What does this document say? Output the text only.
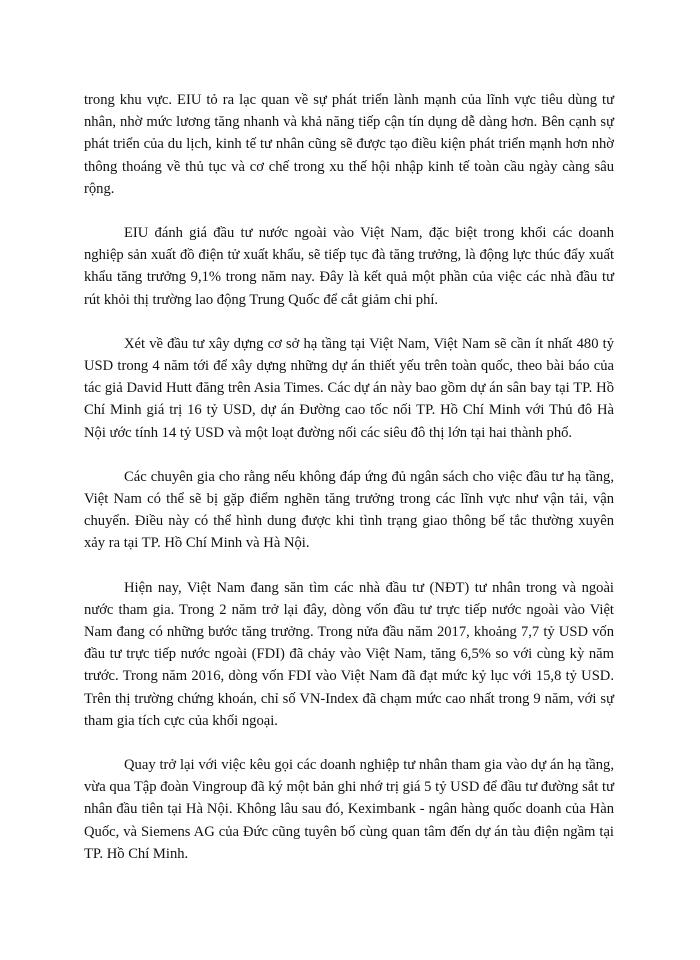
trong khu vực. EIU tỏ ra lạc quan về sự phát triển lành mạnh của lĩnh vực tiêu dùng tư nhân, nhờ mức lương tăng nhanh và khả năng tiếp cận tín dụng dễ dàng hơn. Bên cạnh sự phát triển của du lịch, kinh tế tư nhân cũng sẽ được tạo điều kiện phát triển mạnh hơn nhờ thông thoáng về thủ tục và cơ chế trong xu thế hội nhập kinh tế toàn cầu ngày càng sâu rộng.

EIU đánh giá đầu tư nước ngoài vào Việt Nam, đặc biệt trong khối các doanh nghiệp sản xuất đồ điện tử xuất khẩu, sẽ tiếp tục đà tăng trưởng, là động lực thúc đẩy xuất khẩu tăng trưởng 9,1% trong năm nay. Đây là kết quả một phần của việc các nhà đầu tư rút khỏi thị trường lao động Trung Quốc để cắt giảm chi phí.

Xét về đầu tư xây dựng cơ sở hạ tầng tại Việt Nam, Việt Nam sẽ cần ít nhất 480 tỷ USD trong 4 năm tới để xây dựng những dự án thiết yếu trên toàn quốc, theo bài báo của tác giả David Hutt đăng trên Asia Times. Các dự án này bao gồm dự án sân bay tại TP. Hồ Chí Minh giá trị 16 tỷ USD, dự án Đường cao tốc nối TP. Hồ Chí Minh với Thủ đô Hà Nội ước tính 14 tỷ USD và một loạt đường nối các siêu đô thị lớn tại hai thành phố.

Các chuyên gia cho rằng nếu không đáp ứng đủ ngân sách cho việc đầu tư hạ tầng, Việt Nam có thể sẽ bị gặp điểm nghẽn tăng trưởng trong các lĩnh vực như vận tải, vận chuyển. Điều này có thể hình dung được khi tình trạng giao thông bế tắc thường xuyên xảy ra tại TP. Hồ Chí Minh và Hà Nội.

Hiện nay, Việt Nam đang săn tìm các nhà đầu tư (NĐT) tư nhân trong và ngoài nước tham gia. Trong 2 năm trở lại đây, dòng vốn đầu tư trực tiếp nước ngoài vào Việt Nam đang có những bước tăng trưởng. Trong nửa đầu năm 2017, khoảng 7,7 tỷ USD vốn đầu tư trực tiếp nước ngoài (FDI) đã chảy vào Việt Nam, tăng 6,5% so với cùng kỳ năm trước. Trong năm 2016, dòng vốn FDI vào Việt Nam đã đạt mức kỷ lục với 15,8 tỷ USD. Trên thị trường chứng khoán, chỉ số VN-Index đã chạm mức cao nhất trong 9 năm, với sự tham gia tích cực của khối ngoại.

Quay trở lại với việc kêu gọi các doanh nghiệp tư nhân tham gia vào dự án hạ tầng, vừa qua Tập đoàn Vingroup đã ký một bản ghi nhớ trị giá 5 tỷ USD để đầu tư đường sắt tư nhân đầu tiên tại Hà Nội. Không lâu sau đó, Keximbank - ngân hàng quốc doanh của Hàn Quốc, và Siemens AG của Đức cũng tuyên bố cùng quan tâm đến dự án tàu điện ngầm tại TP. Hồ Chí Minh.
